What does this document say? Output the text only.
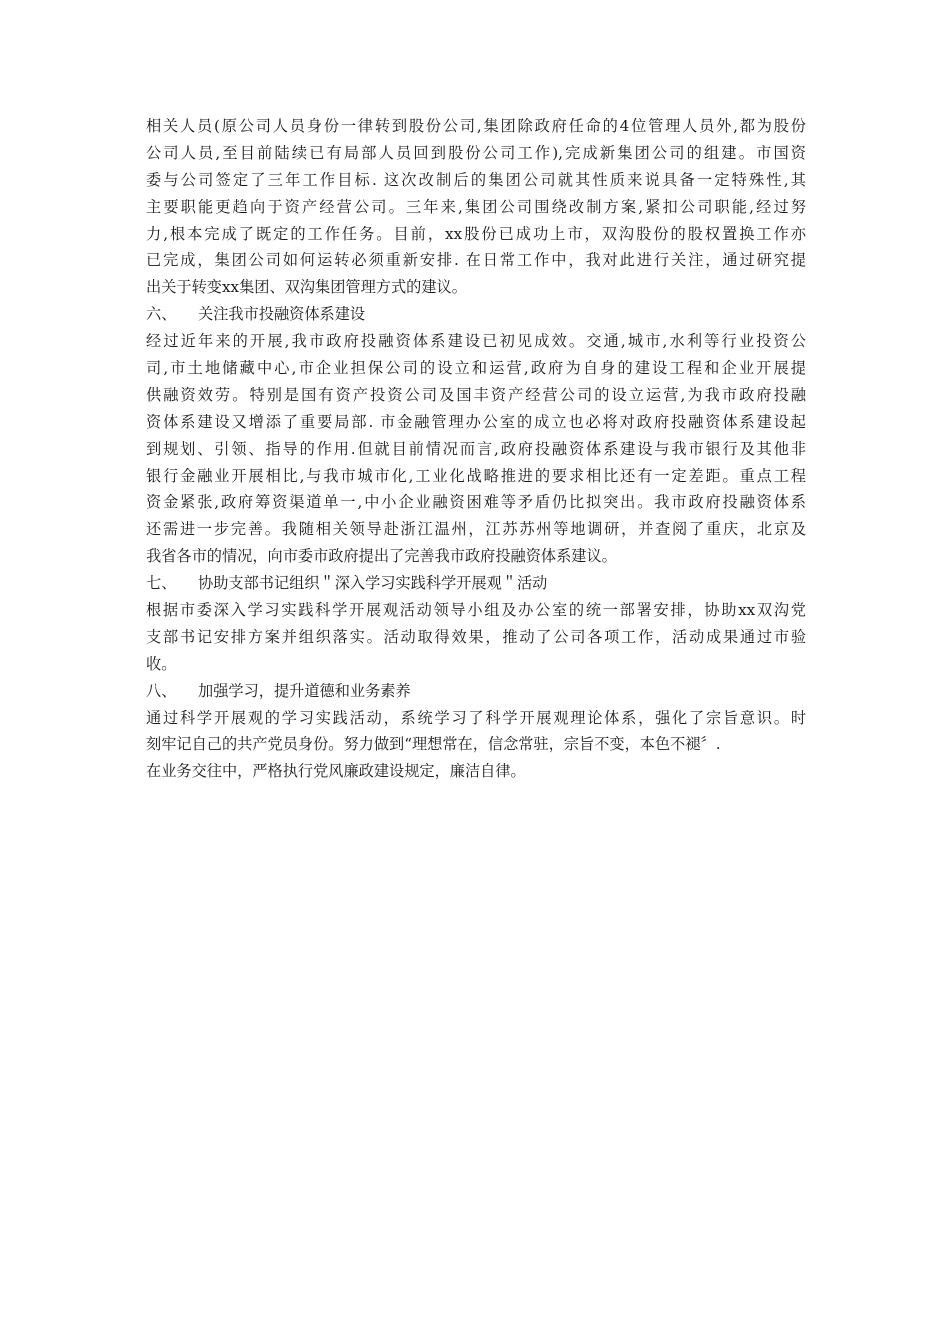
相关人员(原公司人员身份一律转到股份公司,集团除政府任命的4位管理人员外,都为股份
公司人员,至目前陆续已有局部人员回到股份公司工作),完成新集团公司的组建。市国资
委与公司签定了三年工作目标. 这次改制后的集团公司就其性质来说具备一定特殊性,其
主要职能更趋向于资产经营公司。三年来,集团公司围绕改制方案,紧扣公司职能,经过努
力,根本完成了既定的工作任务。目前，xx股份已成功上市，双沟股份的股权置换工作亦
已完成，集团公司如何运转必须重新安排. 在日常工作中，我对此进行关注，通过研究提
出关于转变xx集团、双沟集团管理方式的建议。
六、 关注我市投融资体系建设
经过近年来的开展,我市政府投融资体系建设已初见成效。交通,城市,水利等行业投资公
司,市土地储藏中心,市企业担保公司的设立和运营,政府为自身的建设工程和企业开展提
供融资效劳。特别是国有资产投资公司及国丰资产经营公司的设立运营,为我市政府投融
资体系建设又增添了重要局部. 市金融管理办公室的成立也必将对政府投融资体系建设起
到规划、引领、指导的作用.但就目前情况而言,政府投融资体系建设与我市银行及其他非
银行金融业开展相比,与我市城市化,工业化战略推进的要求相比还有一定差距。重点工程
资金紧张,政府筹资渠道单一,中小企业融资困难等矛盾仍比拟突出。我市政府投融资体系
还需进一步完善。我随相关领导赴浙江温州，江苏苏州等地调研，并查阅了重庆，北京及
我省各市的情况，向市委市政府提出了完善我市政府投融资体系建议。
七、 协助支部书记组织＂深入学习实践科学开展观＂活动
根据市委深入学习实践科学开展观活动领导小组及办公室的统一部署安排，协助xx双沟党
支部书记安排方案并组织落实。活动取得效果，推动了公司各项工作，活动成果通过市验
收。
八、 加强学习，提升道德和业务素养
通过科学开展观的学习实践活动，系统学习了科学开展观理论体系，强化了宗旨意识。时
刻牢记自己的共产党员身份。努力做到“理想常在，信念常驻，宗旨不变，本色不褪〞.
在业务交往中，严格执行党风廉政建设规定，廉洁自律。
